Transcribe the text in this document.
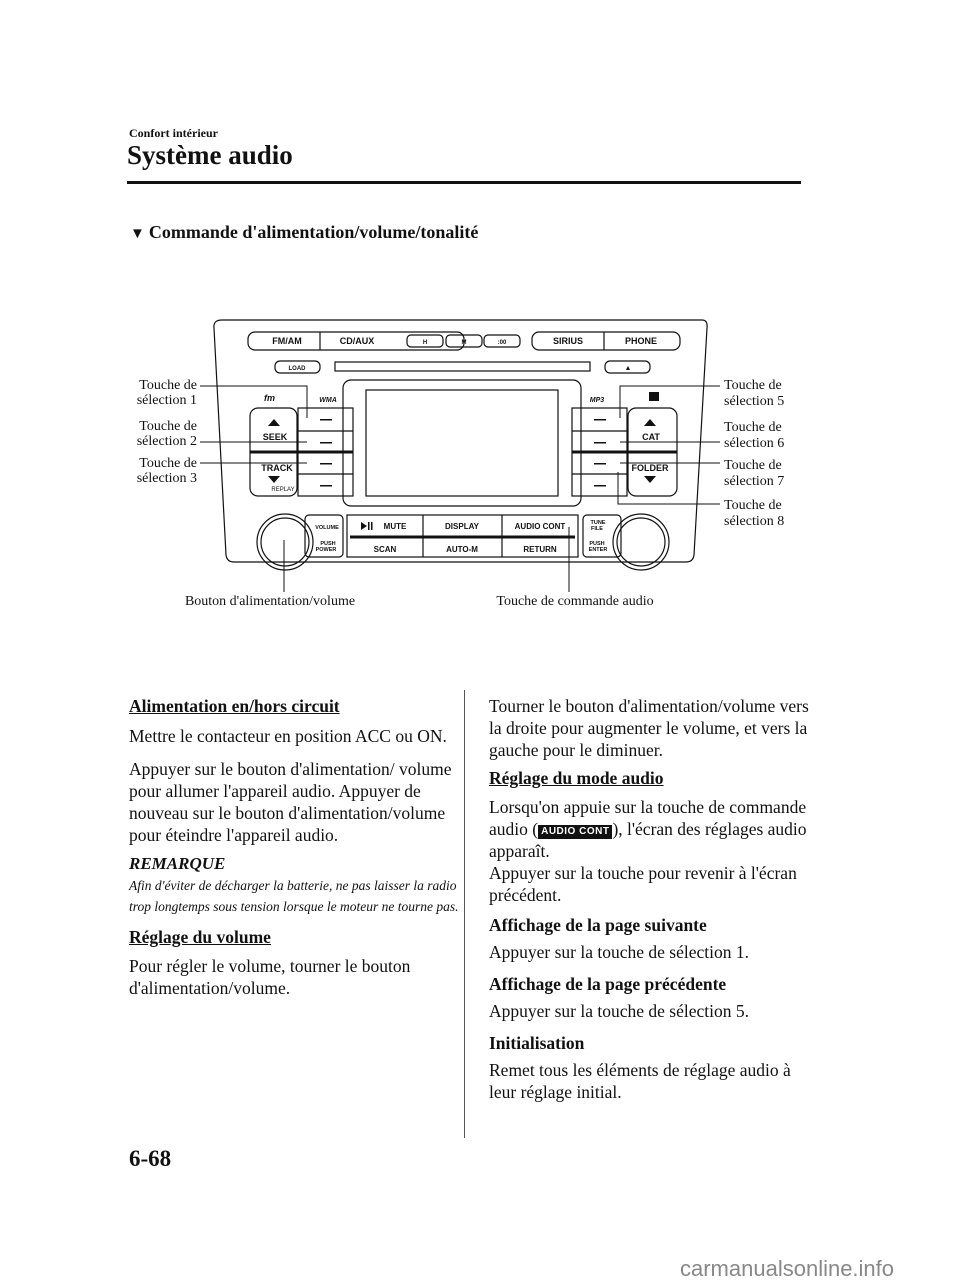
Confort intérieur
Système audio
▼ Commande d'alimentation/volume/tonalité
fm
FM/AM	CD/AUX	H	M	:00	SIRIUS	PHONE
LOAD	▲
WMA	MP3
SEEK
TRACK
REPLAY
CAT
FOLDER
MUTE	DISPLAY	AUDIO CONT
SCAN	AUTO-M	RETURN
VOLUME
PUSH
POWER
TUNE
FILE
PUSH
ENTER
Touche de
sélection 1
Touche de
sélection 2
Touche de
sélection 3
Touche de
sélection 5
Touche de
sélection 6
Touche de
sélection 7
Touche de
sélection 8
Bouton d'alimentation/volume	Touche de commande audio

Alimentation en/hors circuit

Mettre le contacteur en position ACC ou ON.

Appuyer sur le bouton d'alimentation/ volume pour allumer l'appareil audio. Appuyer de nouveau sur le bouton d'alimentation/volume pour éteindre l'appareil audio.

REMARQUE

Afin d'éviter de décharger la batterie, ne pas laisser la radio trop longtemps sous tension lorsque le moteur ne tourne pas.

Réglage du volume

Pour régler le volume, tourner le bouton d'alimentation/volume.

Tourner le bouton d'alimentation/volume vers la droite pour augmenter le volume, et vers la gauche pour le diminuer.

Réglage du mode audio

Lorsqu'on appuie sur la touche de commande audio ( AUDIO CONT ), l'écran des réglages audio apparaît.

Appuyer sur la touche pour revenir à l'écran précédent.

Affichage de la page suivante

Appuyer sur la touche de sélection 1.

Affichage de la page précédente

Appuyer sur la touche de sélection 5.

Initialisation

Remet tous les éléments de réglage audio à leur réglage initial.

6-68
carmanualsonline.info
